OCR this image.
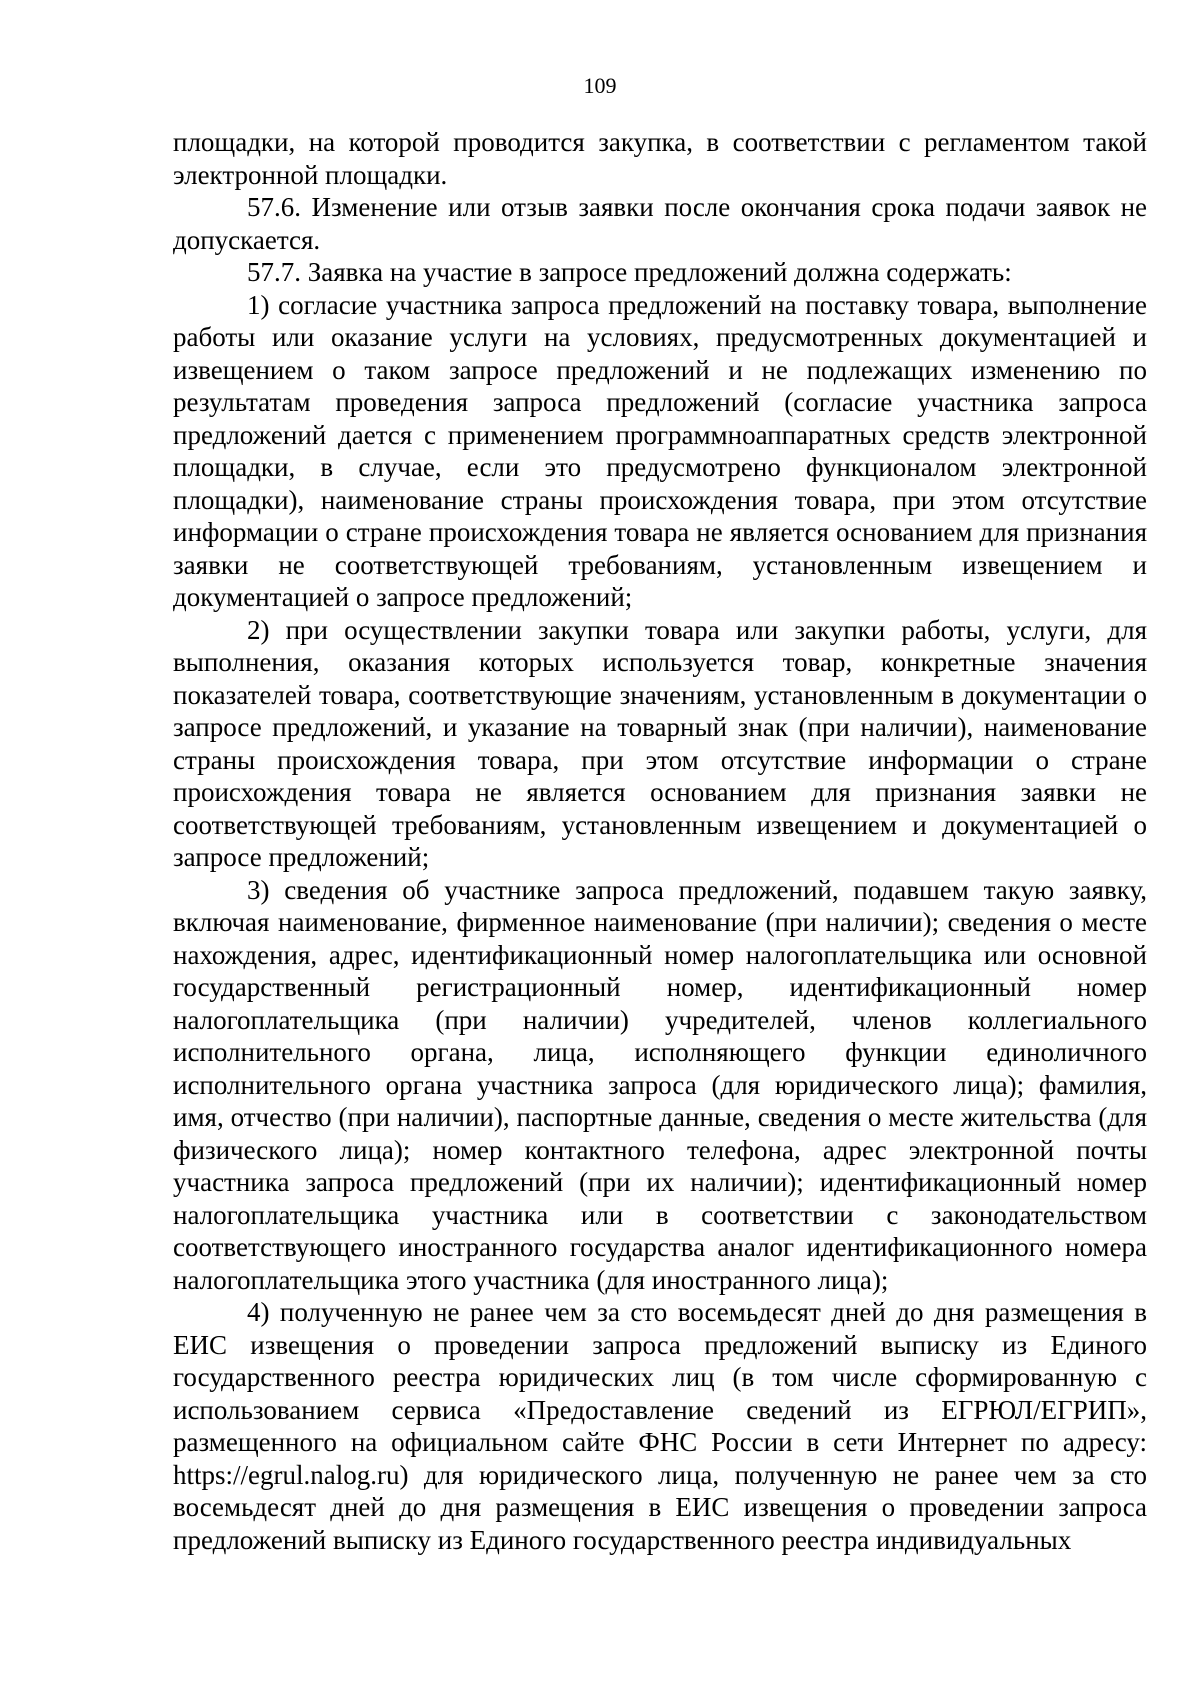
109

площадки, на которой проводится закупка, в соответствии с регламентом такой электронной площадки.

57.6. Изменение или отзыв заявки после окончания срока подачи заявок не допускается.

57.7. Заявка на участие в запросе предложений должна содержать:

1) согласие участника запроса предложений на поставку товара, выполнение работы или оказание услуги на условиях, предусмотренных документацией и извещением о таком запросе предложений и не подлежащих изменению по результатам проведения запроса предложений (согласие участника запроса предложений дается с применением программноаппаратных средств электронной площадки, в случае, если это предусмотрено функционалом электронной площадки), наименование страны происхождения товара, при этом отсутствие информации о стране происхождения товара не является основанием для признания заявки не соответствующей требованиям, установленным извещением и документацией о запросе предложений;

2) при осуществлении закупки товара или закупки работы, услуги, для выполнения, оказания которых используется товар, конкретные значения показателей товара, соответствующие значениям, установленным в документации о запросе предложений, и указание на товарный знак (при наличии), наименование страны происхождения товара, при этом отсутствие информации о стране происхождения товара не является основанием для признания заявки не соответствующей требованиям, установленным извещением и документацией о запросе предложений;

3) сведения об участнике запроса предложений, подавшем такую заявку, включая наименование, фирменное наименование (при наличии); сведения о месте нахождения, адрес, идентификационный номер налогоплательщика или основной государственный регистрационный номер, идентификационный номер налогоплательщика (при наличии) учредителей, членов коллегиального исполнительного органа, лица, исполняющего функции единоличного исполнительного органа участника запроса (для юридического лица); фамилия, имя, отчество (при наличии), паспортные данные, сведения о месте жительства (для физического лица); номер контактного телефона, адрес электронной почты участника запроса предложений (при их наличии); идентификационный номер налогоплательщика участника или в соответствии с законодательством соответствующего иностранного государства аналог идентификационного номера налогоплательщика этого участника (для иностранного лица);

4) полученную не ранее чем за сто восемьдесят дней до дня размещения в ЕИС извещения о проведении запроса предложений выписку из Единого государственного реестра юридических лиц (в том числе сформированную с использованием сервиса «Предоставление сведений из ЕГРЮЛ/ЕГРИП», размещенного на официальном сайте ФНС России в сети Интернет по адресу: https://egrul.nalog.ru) для юридического лица, полученную не ранее чем за сто восемьдесят дней до дня размещения в ЕИС извещения о проведении запроса предложений выписку из Единого государственного реестра индивидуальных
